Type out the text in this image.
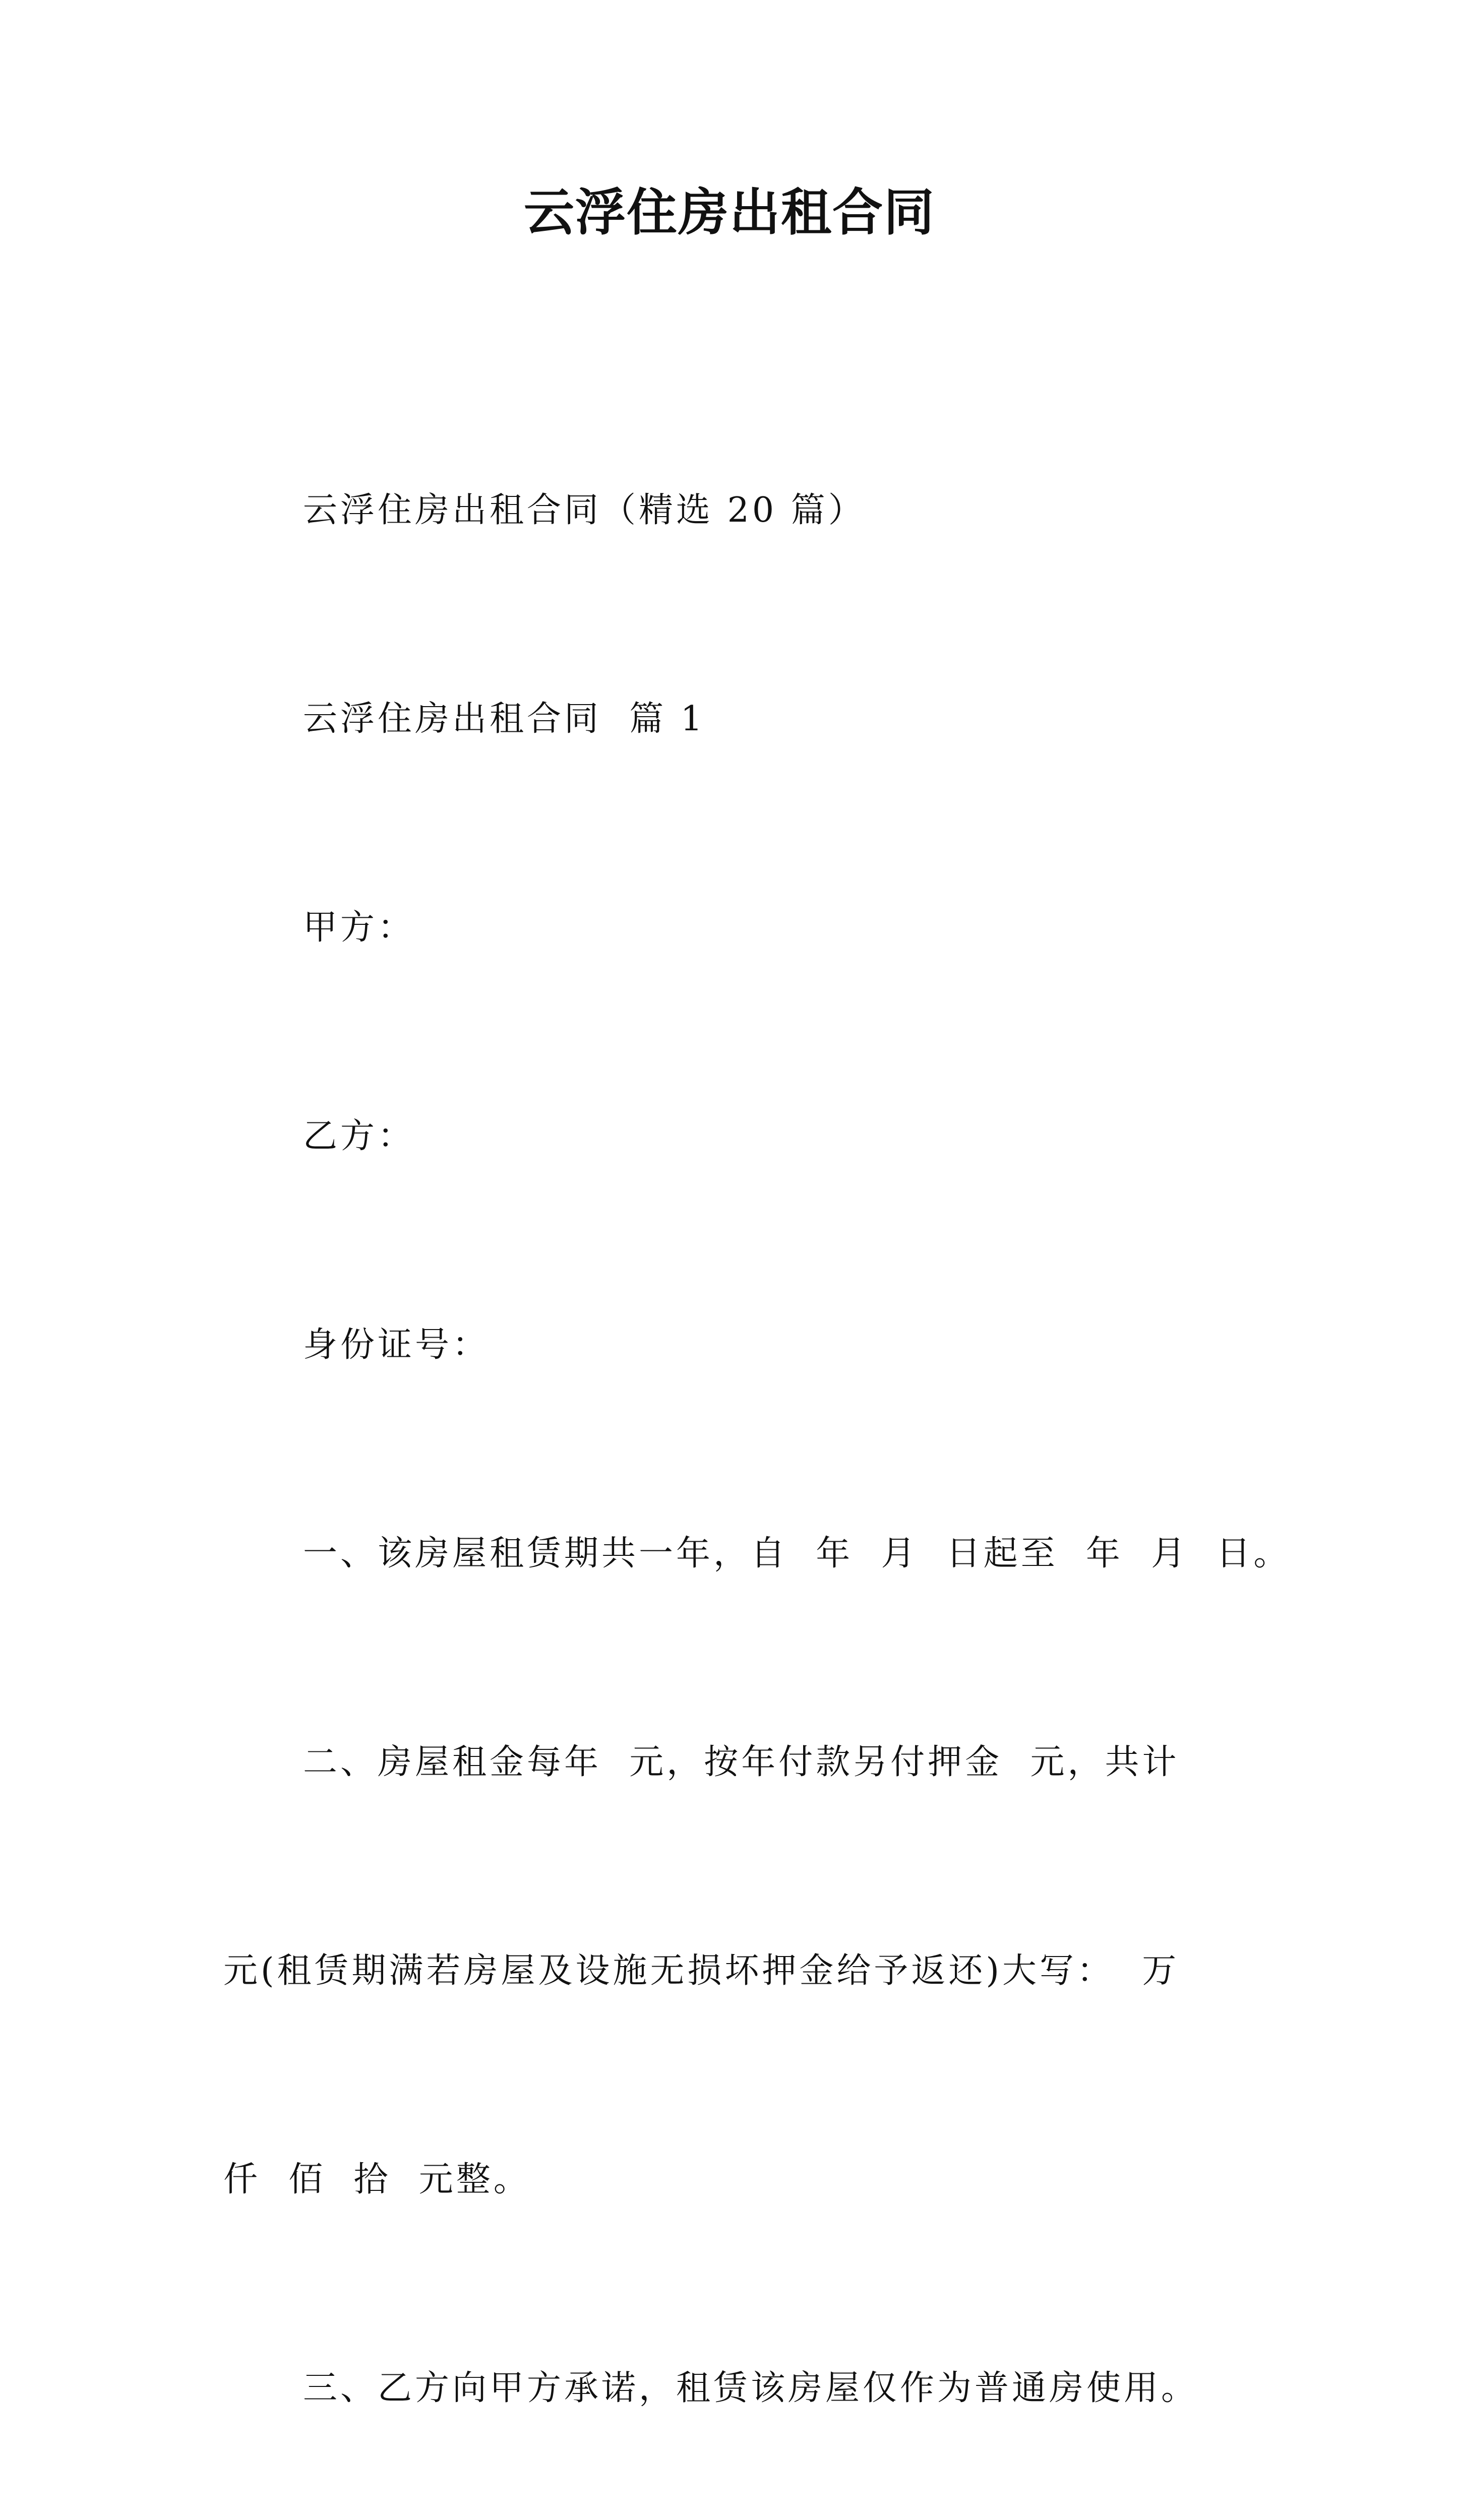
云浮住房出租合同

云浮住房出租合同（精选 20 篇）

云浮住房出租合同  篇 1

甲方：

乙方：

身份证号：

一、该房屋租赁期共一年，自  年  月  日起至  年  月  日。

二、房屋租金每年  元，按年付款另付押金  元，共计

元(租赁期满若房屋及设施无损坏押金给予返还)大写：  万

仟  佰  拾  元整。

三、乙方向甲方承诺，租赁该房屋仅作为普通房使用。
